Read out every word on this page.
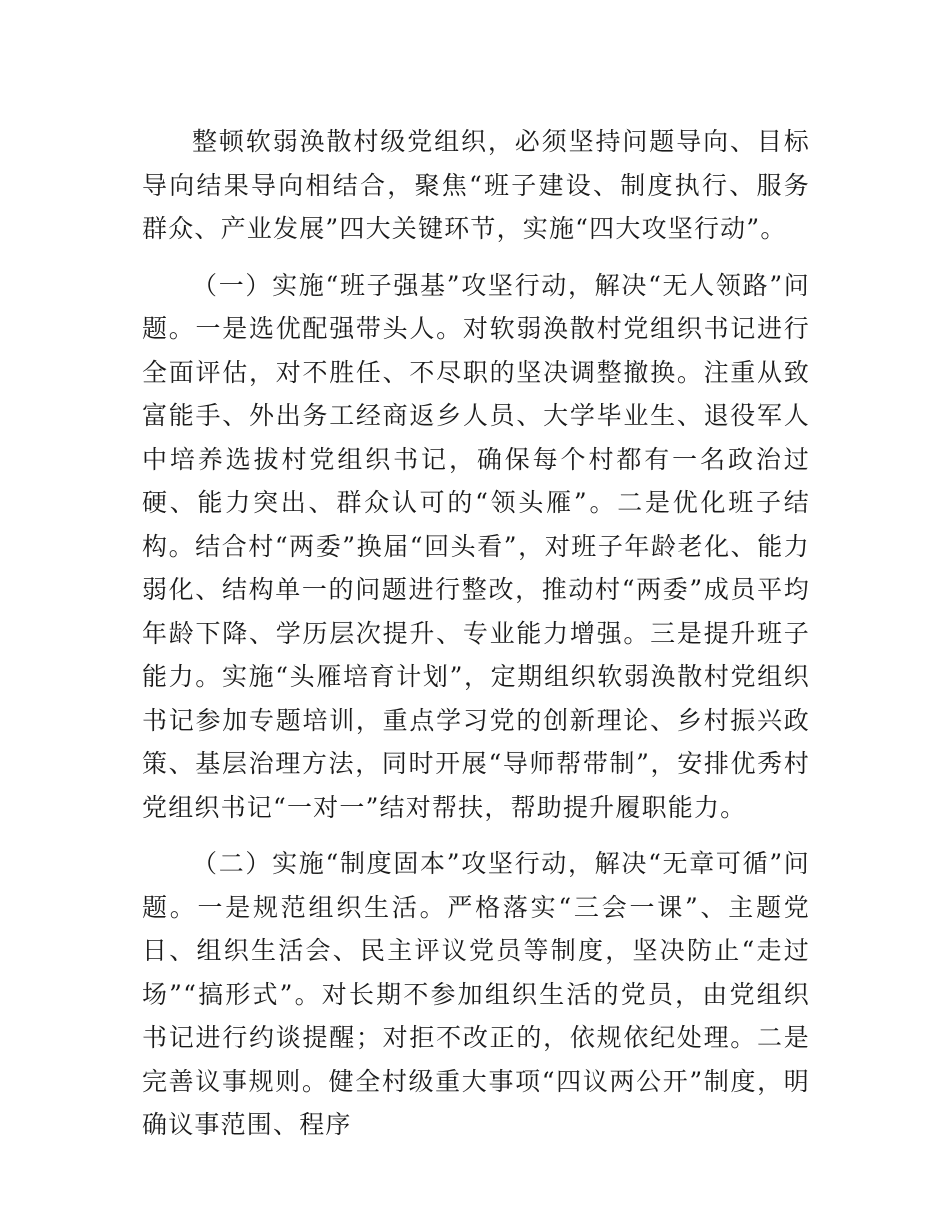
整顿软弱涣散村级党组织，必须坚持问题导向、目标导向结果导向相结合，聚焦“班子建设、制度执行、服务群众、产业发展”四大关键环节，实施“四大攻坚行动”。

（一）实施“班子强基”攻坚行动，解决“无人领路”问题。一是选优配强带头人。对软弱涣散村党组织书记进行全面评估，对不胜任、不尽职的坚决调整撤换。注重从致富能手、外出务工经商返乡人员、大学毕业生、退役军人中培养选拔村党组织书记，确保每个村都有一名政治过硬、能力突出、群众认可的“领头雁”。二是优化班子结构。结合村“两委”换届“回头看”，对班子年龄老化、能力弱化、结构单一的问题进行整改，推动村“两委”成员平均年龄下降、学历层次提升、专业能力增强。三是提升班子能力。实施“头雁培育计划”，定期组织软弱涣散村党组织书记参加专题培训，重点学习党的创新理论、乡村振兴政策、基层治理方法，同时开展“导师帮带制”，安排优秀村党组织书记“一对一”结对帮扶，帮助提升履职能力。

（二）实施“制度固本”攻坚行动，解决“无章可循”问题。一是规范组织生活。严格落实“三会一课”、主题党日、组织生活会、民主评议党员等制度，坚决防止“走过场”“搞形式”。对长期不参加组织生活的党员，由党组织书记进行约谈提醒；对拒不改正的，依规依纪处理。二是完善议事规则。健全村级重大事项“四议两公开”制度，明确议事范围、程序
